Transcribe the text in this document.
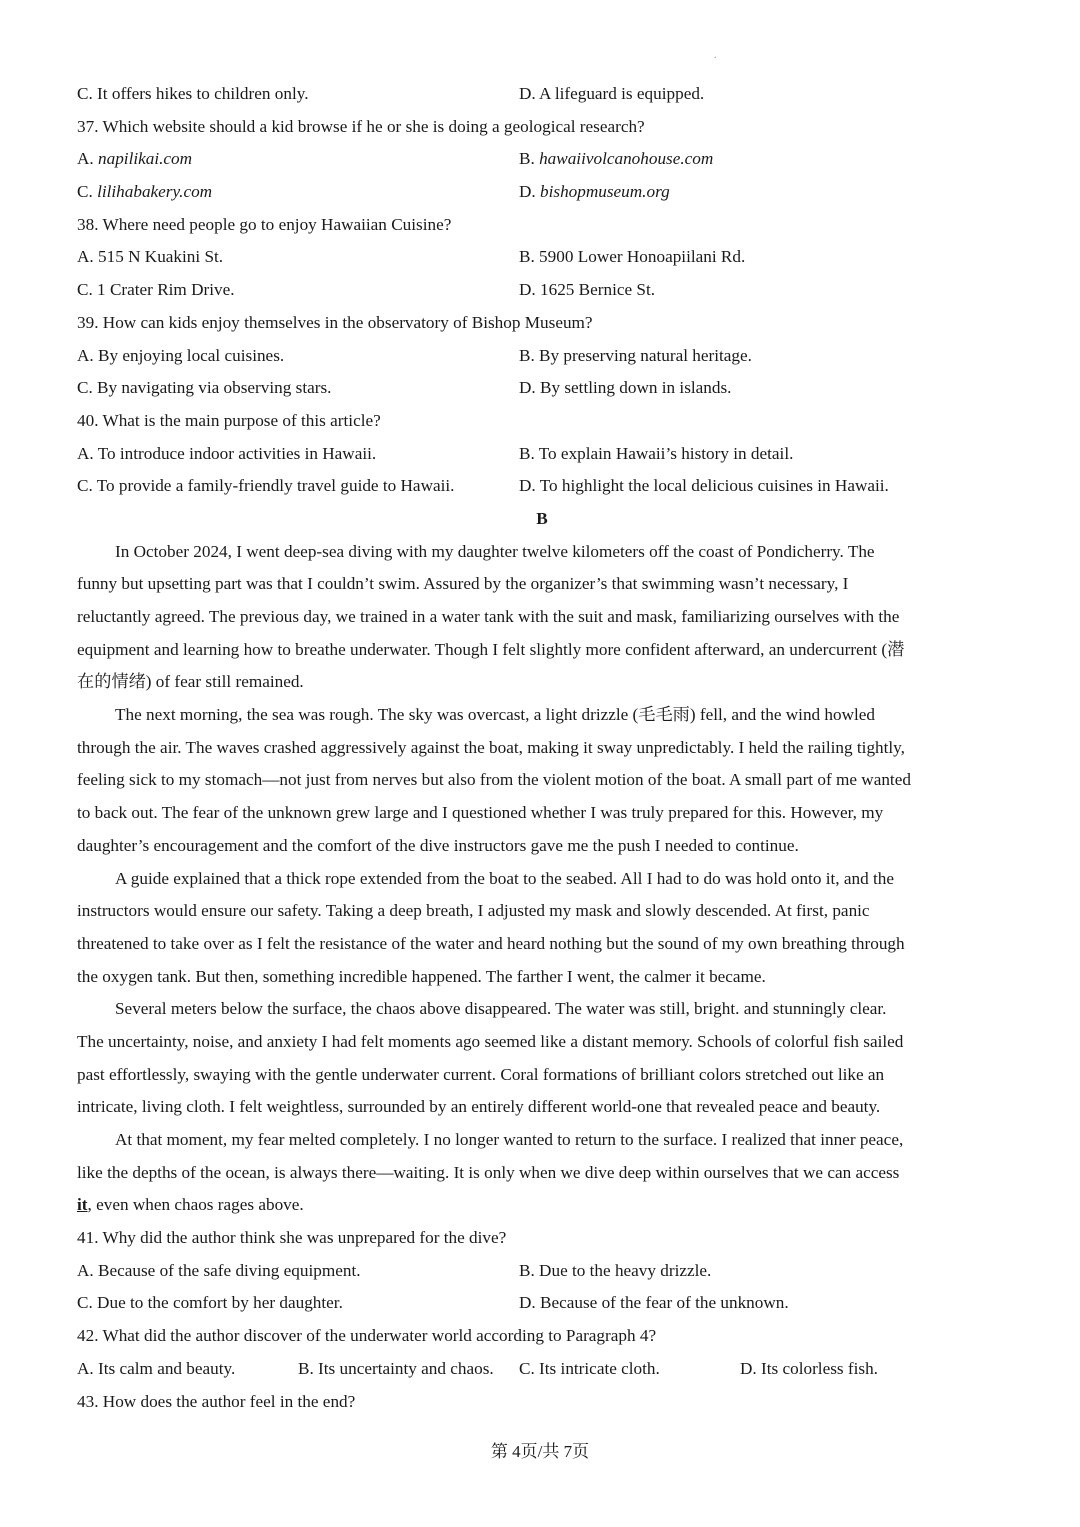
.
C. It offers hikes to children only.	D. A lifeguard is equipped.
37. Which website should a kid browse if he or she is doing a geological research?
A. napilikai.com	B. hawaiivolcanohouse.com
C. lilihabakery.com	D. bishopmuseum.org
38. Where need people go to enjoy Hawaiian Cuisine?
A. 515 N Kuakini St.	B. 5900 Lower Honoapiilani Rd.
C. 1 Crater Rim Drive.	D. 1625 Bernice St.
39. How can kids enjoy themselves in the observatory of Bishop Museum?
A. By enjoying local cuisines.	B. By preserving natural heritage.
C. By navigating via observing stars.	D. By settling down in islands.
40. What is the main purpose of this article?
A. To introduce indoor activities in Hawaii.	B. To explain Hawaii’s history in detail.
C. To provide a family-friendly travel guide to Hawaii.	D. To highlight the local delicious cuisines in Hawaii.
B
In October 2024, I went deep-sea diving with my daughter twelve kilometers off the coast of Pondicherry. The
funny but upsetting part was that I couldn’t swim. Assured by the organizer’s that swimming wasn’t necessary, I
reluctantly agreed. The previous day, we trained in a water tank with the suit and mask, familiarizing ourselves with the
equipment and learning how to breathe underwater. Though I felt slightly more confident afterward, an undercurrent (潜
在的情绪) of fear still remained.
The next morning, the sea was rough. The sky was overcast, a light drizzle (毛毛雨) fell, and the wind howled
through the air. The waves crashed aggressively against the boat, making it sway unpredictably. I held the railing tightly,
feeling sick to my stomach—not just from nerves but also from the violent motion of the boat. A small part of me wanted
to back out. The fear of the unknown grew large and I questioned whether I was truly prepared for this. However, my
daughter’s encouragement and the comfort of the dive instructors gave me the push I needed to continue.
A guide explained that a thick rope extended from the boat to the seabed. All I had to do was hold onto it, and the
instructors would ensure our safety. Taking a deep breath, I adjusted my mask and slowly descended. At first, panic
threatened to take over as I felt the resistance of the water and heard nothing but the sound of my own breathing through
the oxygen tank. But then, something incredible happened. The farther I went, the calmer it became.
Several meters below the surface, the chaos above disappeared. The water was still, bright. and stunningly clear.
The uncertainty, noise, and anxiety I had felt moments ago seemed like a distant memory. Schools of colorful fish sailed
past effortlessly, swaying with the gentle underwater current. Coral formations of brilliant colors stretched out like an
intricate, living cloth. I felt weightless, surrounded by an entirely different world-one that revealed peace and beauty.
At that moment, my fear melted completely. I no longer wanted to return to the surface. I realized that inner peace,
like the depths of the ocean, is always there—waiting. It is only when we dive deep within ourselves that we can access
it, even when chaos rages above.
41. Why did the author think she was unprepared for the dive?
A. Because of the safe diving equipment.	B. Due to the heavy drizzle.
C. Due to the comfort by her daughter.	D. Because of the fear of the unknown.
42. What did the author discover of the underwater world according to Paragraph 4?
A. Its calm and beauty.	B. Its uncertainty and chaos.	C. Its intricate cloth.	D. Its colorless fish.
43. How does the author feel in the end?
第 4页/共 7页
